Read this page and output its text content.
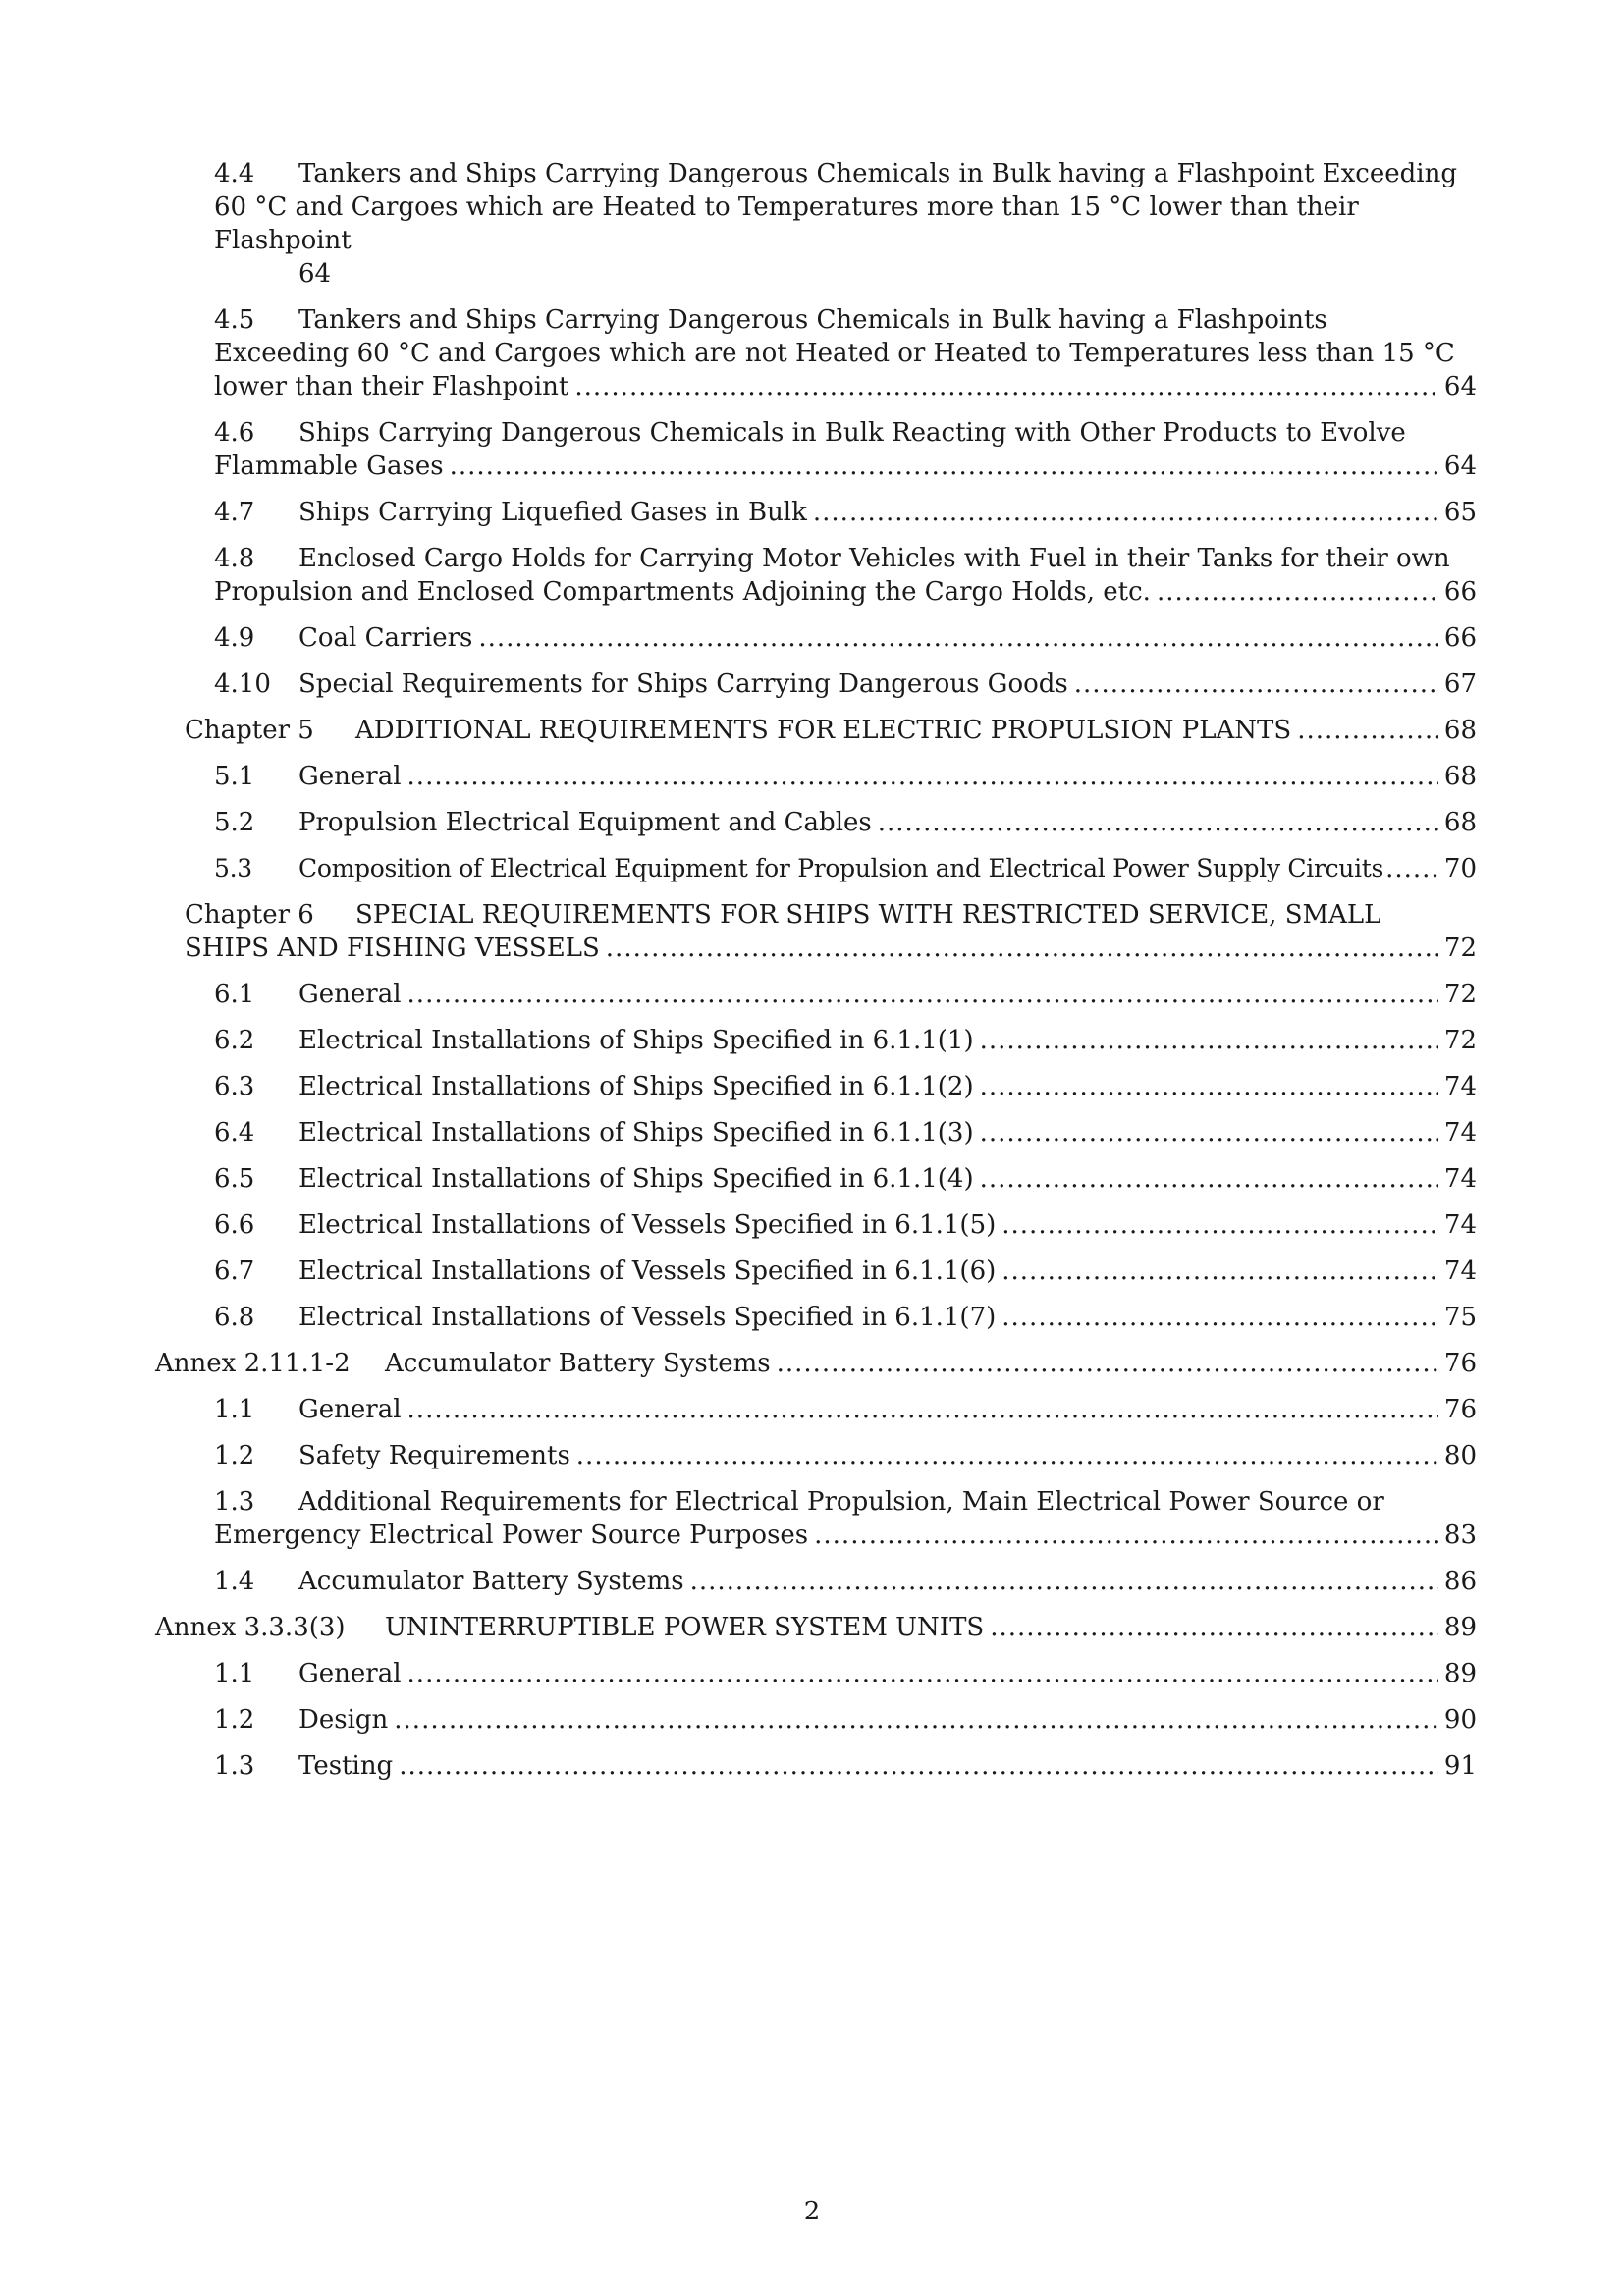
4.4 Tankers and Ships Carrying Dangerous Chemicals in Bulk having a Flashpoint Exceeding
60 °C and Cargoes which are Heated to Temperatures more than 15 °C lower than their Flashpoint
64
4.5 Tankers and Ships Carrying Dangerous Chemicals in Bulk having a Flashpoints
Exceeding 60 °C and Cargoes which are not Heated or Heated to Temperatures less than 15 °C
lower than their Flashpoint .....	64
4.6 Ships Carrying Dangerous Chemicals in Bulk Reacting with Other Products to Evolve
Flammable Gases .....	64
4.7 Ships Carrying Liquefied Gases in Bulk .....	65
4.8 Enclosed Cargo Holds for Carrying Motor Vehicles with Fuel in their Tanks for their own
Propulsion and Enclosed Compartments Adjoining the Cargo Holds, etc. .....	66
4.9 Coal Carriers .....	66
4.10 Special Requirements for Ships Carrying Dangerous Goods .....	67
Chapter 5 ADDITIONAL REQUIREMENTS FOR ELECTRIC PROPULSION PLANTS .....	68
5.1 General .....	68
5.2 Propulsion Electrical Equipment and Cables .....	68
5.3 Composition of Electrical Equipment for Propulsion and Electrical Power Supply Circuits ..... 70
Chapter 6 SPECIAL REQUIREMENTS FOR SHIPS WITH RESTRICTED SERVICE, SMALL
SHIPS AND FISHING VESSELS .....	72
6.1 General .....	72
6.2 Electrical Installations of Ships Specified in 6.1.1(1) .....	72
6.3 Electrical Installations of Ships Specified in 6.1.1(2) .....	74
6.4 Electrical Installations of Ships Specified in 6.1.1(3) .....	74
6.5 Electrical Installations of Ships Specified in 6.1.1(4) .....	74
6.6 Electrical Installations of Vessels Specified in 6.1.1(5) .....	74
6.7 Electrical Installations of Vessels Specified in 6.1.1(6) .....	74
6.8 Electrical Installations of Vessels Specified in 6.1.1(7) .....	75
Annex 2.11.1-2 Accumulator Battery Systems .....	76
1.1 General .....	76
1.2 Safety Requirements .....	80
1.3 Additional Requirements for Electrical Propulsion, Main Electrical Power Source or
Emergency Electrical Power Source Purposes .....	83
1.4 Accumulator Battery Systems .....	86
Annex 3.3.3(3) UNINTERRUPTIBLE POWER SYSTEM UNITS .....	89
1.1 General .....	89
1.2 Design .....	90
1.3 Testing .....	91
2
